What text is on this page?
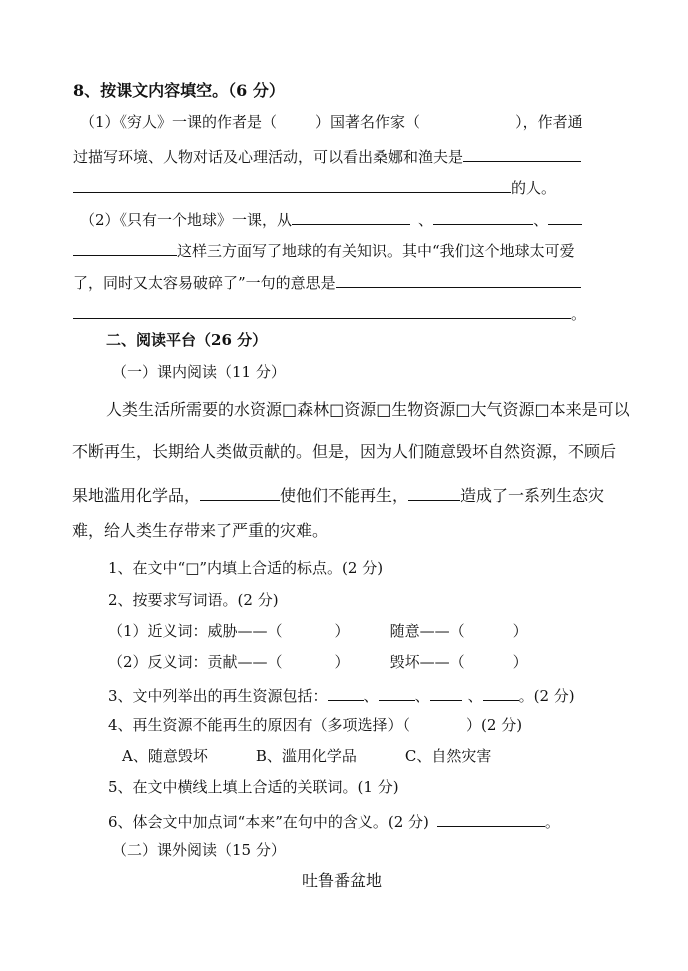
8、按课文内容填空。（6 分）
（1）《穷人》一课的作者是（	）国著名作家（	），作者通
过描写环境、人物对话及心理活动，可以看出桑娜和渔夫是
的人。
（2）《只有一个地球》一课，从	、	、
这样三方面写了地球的有关知识。其中“我们这个地球太可爱
了，同时又太容易破碎了”一句的意思是
。
二、阅读平台（26 分）
（一）课内阅读（11 分）
人类生活所需要的水资源□森林□资源□生物资源□大气资源□本来是可以
不断再生，长期给人类做贡献的。但是，因为人们随意毁坏自然资源，不顾后
果地滥用化学品，	使他们不能再生，	造成了一系列生态灾
难，给人类生存带来了严重的灾难。
1、在文中“□”内填上合适的标点。(2 分)
2、按要求写词语。(2 分)
（1）近义词：威胁——（	）	随意——（	）
（2）反义词：贡献——（	）	毁坏——（	）
3、文中列举出的再生资源包括： 、 、	、 。(2 分)
4、再生资源不能再生的原因有（多项选择）（	）(2 分)
A、随意毁坏	B、滥用化学品	C、自然灾害
5、在文中横线上填上合适的关联词。(1 分)
6、体会文中加点词“本来”在句中的含义。(2 分)	。
（二）课外阅读（15 分）
吐鲁番盆地
